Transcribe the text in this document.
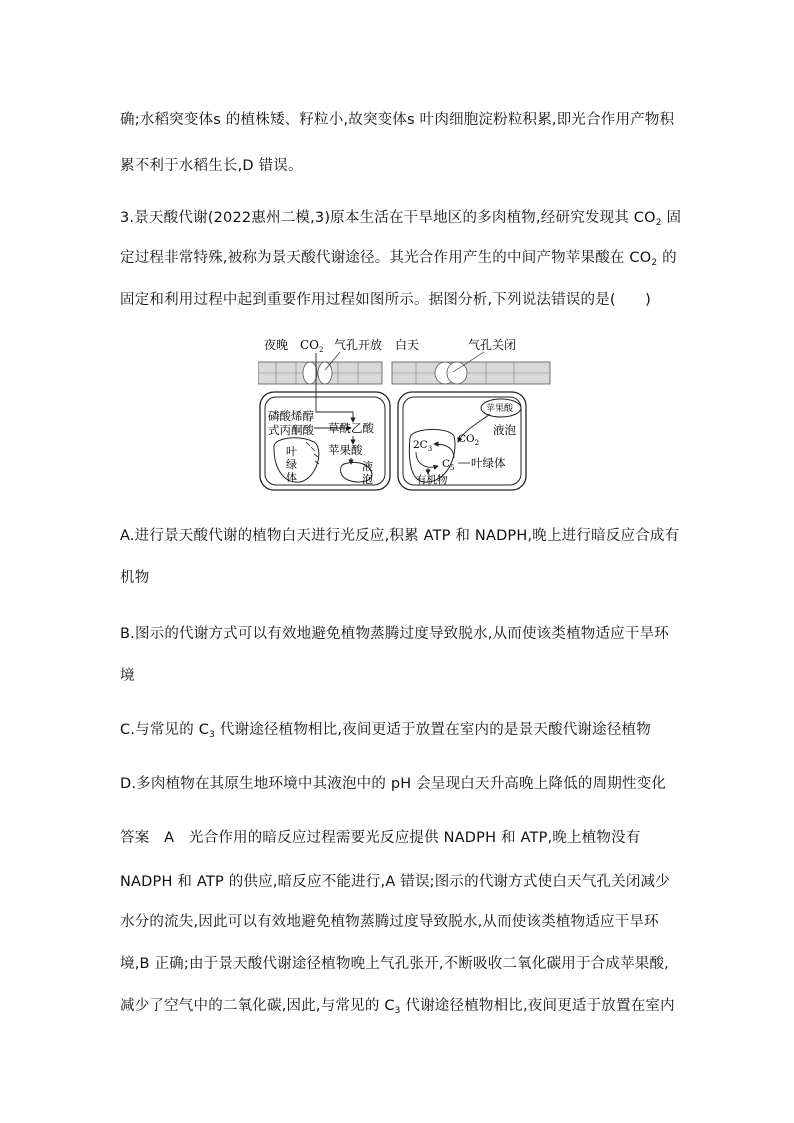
确;水稻突变体s 的植株矮、籽粒小,故突变体s 叶肉细胞淀粉粒积累,即光合作用产物积
累不利于水稻生长,D 错误。
3.景天酸代谢(2022惠州二模,3)原本生活在干旱地区的多肉植物,经研究发现其 $CO_2$ 固
定过程非常特殊,被称为景天酸代谢途径。其光合作用产生的中间产物苹果酸在 $CO_2$ 的
固定和利用过程中起到重要作用过程如图所示。据图分析,下列说法错误的是(　　)
夜晚 $CO_2$ 气孔开放 白天	气孔关闭
磷酸烯醇
式丙酮酸 草酰乙酸
苹果酸
叶
绿
体
液
泡
苹果酸
液泡
$2C_3$
$C_5$
$CO_2$
有机物
叶绿体
A.进行景天酸代谢的植物白天进行光反应,积累 ATP 和 NADPH,晚上进行暗反应合成有
机物
B.图示的代谢方式可以有效地避免植物蒸腾过度导致脱水,从而使该类植物适应干旱环
境
C.与常见的 $C_3$ 代谢途径植物相比,夜间更适于放置在室内的是景天酸代谢途径植物
D.多肉植物在其原生地环境中其液泡中的 pH 会呈现白天升高晚上降低的周期性变化
答案　A　光合作用的暗反应过程需要光反应提供 NADPH 和 ATP,晚上植物没有
NADPH 和 ATP 的供应,暗反应不能进行,A 错误;图示的代谢方式使白天气孔关闭减少
水分的流失,因此可以有效地避免植物蒸腾过度导致脱水,从而使该类植物适应干旱环
境,B 正确;由于景天酸代谢途径植物晚上气孔张开,不断吸收二氧化碳用于合成苹果酸,
减少了空气中的二氧化碳,因此,与常见的 $C_3$ 代谢途径植物相比,夜间更适于放置在室内
